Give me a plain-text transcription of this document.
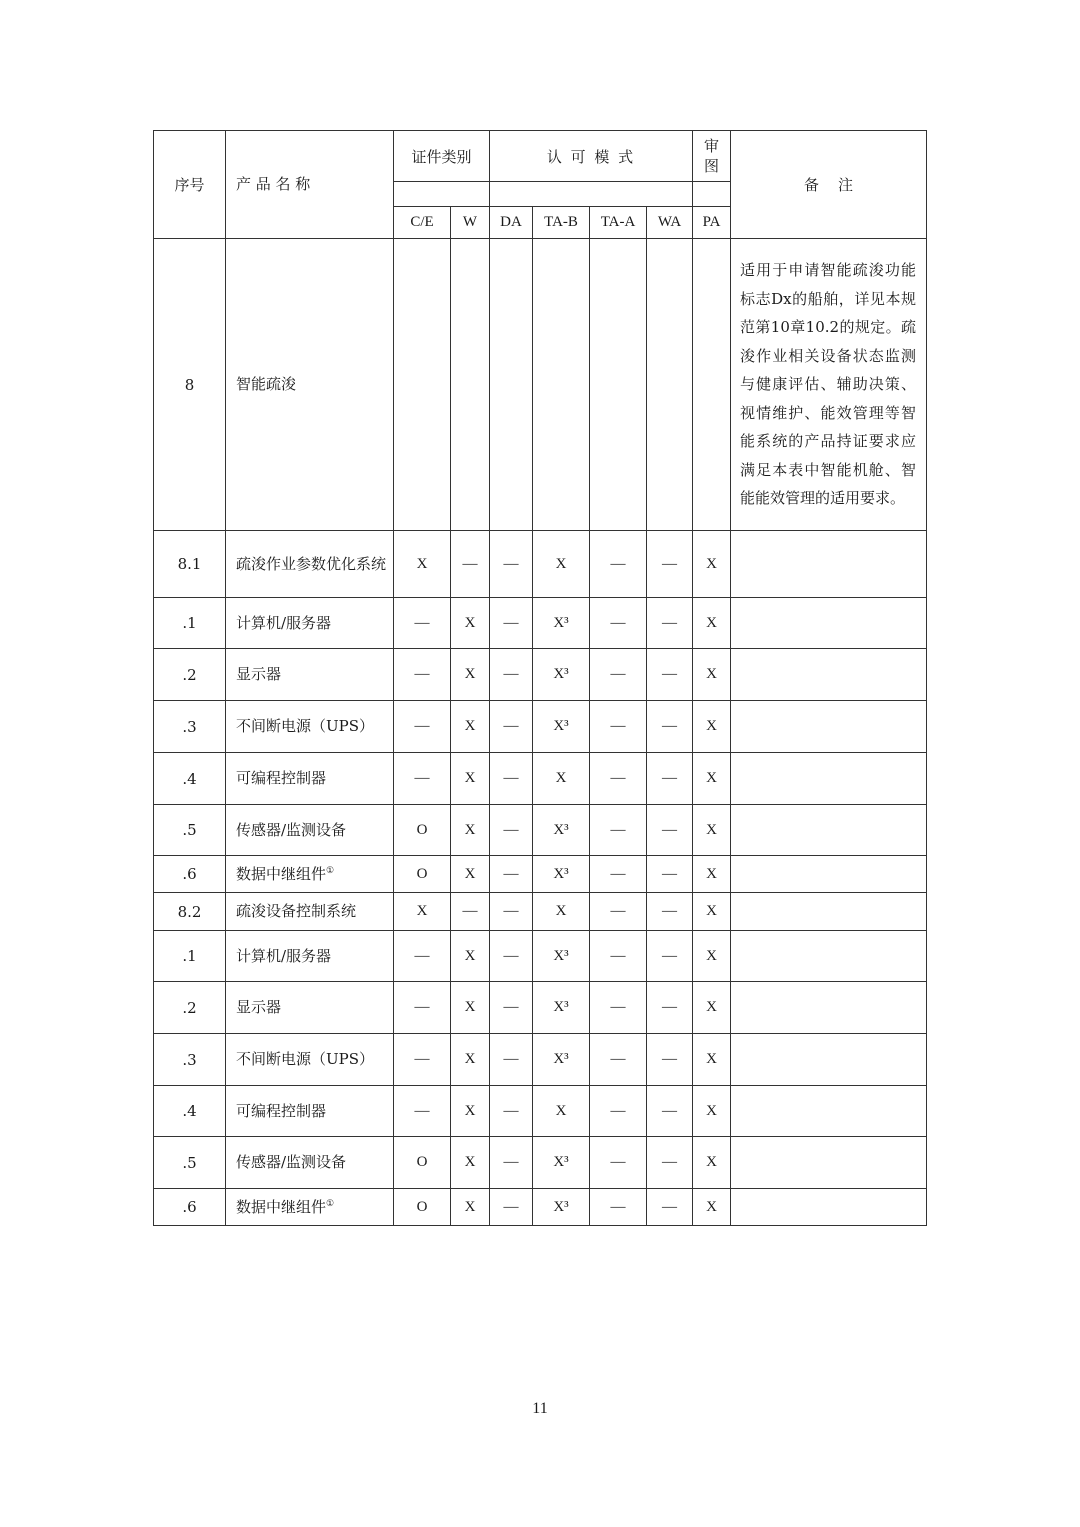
序号	产 品 名 称	证件类别		认 可 模 式				审图	备    注

		C/E	W	DA	TA-B	TA-A	WA	PA	
8	智能疏浚								适用于申请智能疏浚功能标志Dx的船舶，详见本规范第10章10.2的规定。疏浚作业相关设备状态监测与健康评估、辅助决策、视情维护、能效管理等智能系统的产品持证要求应满足本表中智能机舱、智能能效管理的适用要求。
8.1	疏浚作业参数优化系统	X	—	—	X	—	—	X	
.1	计算机/服务器	—	X	—	X³	—	—	X	
.2	显示器	—	X	—	X³	—	—	X	
.3	不间断电源（UPS）	—	X	—	X³	—	—	X	
.4	可编程控制器	—	X	—	X	—	—	X	
.5	传感器/监测设备	O	X	—	X³	—	—	X	
.6	数据中继组件①	O	X	—	X³	—	—	X	
8.2	疏浚设备控制系统	X	—	—	X	—	—	X	
.1	计算机/服务器	—	X	—	X³	—	—	X	
.2	显示器	—	X	—	X³	—	—	X	
.3	不间断电源（UPS）	—	X	—	X³	—	—	X	
.4	可编程控制器	—	X	—	X	—	—	X	
.5	传感器/监测设备	O	X	—	X³	—	—	X	
.6	数据中继组件①	O	X	—	X³	—	—	X	
11
